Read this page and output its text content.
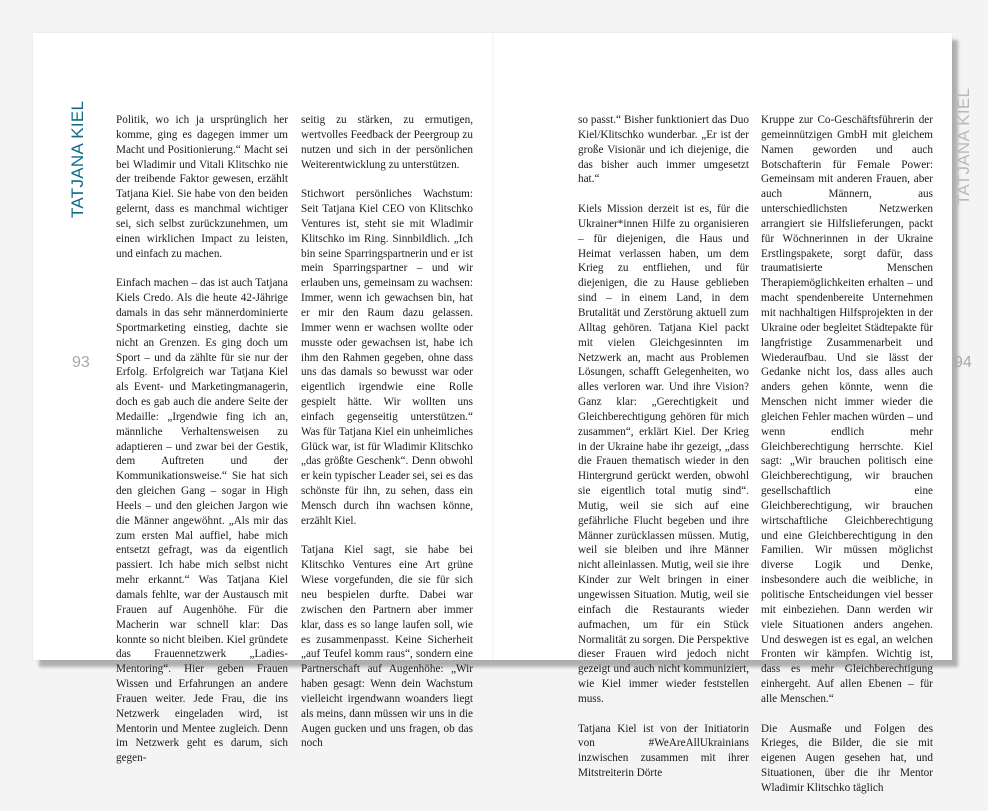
TATJANA KIEL
93

Politik, wo ich ja ursprünglich her komme, ging es dagegen immer um Macht und Positionierung.“ Macht sei bei Wladimir und Vitali Klitschko nie der treibende Faktor gewesen, erzählt Tatjana Kiel. Sie habe von den beiden gelernt, dass es manchmal wichtiger sei, sich selbst zurückzunehmen, um einen wirklichen Impact zu leisten, und einfach zu machen.

Einfach machen – das ist auch Tatjana Kiels Credo. Als die heute 42-Jährige damals in das sehr männerdominierte Sportmarketing einstieg, dachte sie nicht an Grenzen. Es ging doch um Sport – und da zählte für sie nur der Erfolg. Erfolgreich war Tatjana Kiel als Event- und Marketingmanagerin, doch es gab auch die andere Seite der Medaille: „Irgendwie fing ich an, männliche Verhaltensweisen zu adaptieren – und zwar bei der Gestik, dem Auftreten und der Kommunikationsweise.“ Sie hat sich den gleichen Gang – sogar in High Heels – und den gleichen Jargon wie die Männer angewöhnt. „Als mir das zum ersten Mal auffiel, habe mich entsetzt gefragt, was da eigentlich passiert. Ich habe mich selbst nicht mehr erkannt.“ Was Tatjana Kiel damals fehlte, war der Austausch mit Frauen auf Augenhöhe. Für die Macherin war schnell klar: Das konnte so nicht bleiben. Kiel gründete das Frauennetzwerk „Ladies-Mentoring“. Hier geben Frauen Wissen und Erfahrungen an andere Frauen weiter. Jede Frau, die ins Netzwerk eingeladen wird, ist Mentorin und Mentee zugleich. Denn im Netzwerk geht es darum, sich gegen-

seitig zu stärken, zu ermutigen, wertvolles Feedback der Peergroup zu nutzen und sich in der persönlichen Weiterentwicklung zu unterstützen.

Stichwort persönliches Wachstum: Seit Tatjana Kiel CEO von Klitschko Ventures ist, steht sie mit Wladimir Klitschko im Ring. Sinnbildlich. „Ich bin seine Sparringspartnerin und er ist mein Sparringspartner – und wir erlauben uns, gemeinsam zu wachsen: Immer, wenn ich gewachsen bin, hat er mir den Raum dazu gelassen. Immer wenn er wachsen wollte oder musste oder gewachsen ist, habe ich ihm den Rahmen gegeben, ohne dass uns das damals so bewusst war oder eigentlich irgendwie eine Rolle gespielt hätte. Wir wollten uns einfach gegenseitig unterstützen.“ Was für Tatjana Kiel ein unheimliches Glück war, ist für Wladimir Klitschko „das größte Geschenk“. Denn obwohl er kein typischer Leader sei, sei es das schönste für ihn, zu sehen, dass ein Mensch durch ihn wachsen könne, erzählt Kiel.

Tatjana Kiel sagt, sie habe bei Klitschko Ventures eine Art grüne Wiese vorgefunden, die sie für sich neu bespielen durfte. Dabei war zwischen den Partnern aber immer klar, dass es so lange laufen soll, wie es zusammenpasst. Keine Sicherheit „auf Teufel komm raus“, sondern eine Partnerschaft auf Augenhöhe: „Wir haben gesagt: Wenn dein Wachstum vielleicht irgendwann woanders liegt als meins, dann müssen wir uns in die Augen gucken und uns fragen, ob das noch

so passt.“ Bisher funktioniert das Duo Kiel/Klitschko wunderbar. „Er ist der große Visionär und ich diejenige, die das bisher auch immer umgesetzt hat.“

Kiels Mission derzeit ist es, für die Ukrainer*innen Hilfe zu organisieren – für diejenigen, die Haus und Heimat verlassen haben, um dem Krieg zu entfliehen, und für diejenigen, die zu Hause geblieben sind – in einem Land, in dem Brutalität und Zerstörung aktuell zum Alltag gehören. Tatjana Kiel packt mit vielen Gleichgesinnten im Netzwerk an, macht aus Problemen Lösungen, schafft Gelegenheiten, wo alles verloren war. Und ihre Vision? Ganz klar: „Gerechtigkeit und Gleichberechtigung gehören für mich zusammen“, erklärt Kiel. Der Krieg in der Ukraine habe ihr gezeigt, „dass die Frauen thematisch wieder in den Hintergrund gerückt werden, obwohl sie eigentlich total mutig sind“. Mutig, weil sie sich auf eine gefährliche Flucht begeben und ihre Männer zurücklassen müssen. Mutig, weil sie bleiben und ihre Männer nicht alleinlassen. Mutig, weil sie ihre Kinder zur Welt bringen in einer ungewissen Situation. Mutig, weil sie einfach die Restaurants wieder aufmachen, um für ein Stück Normalität zu sorgen. Die Perspektive dieser Frauen wird jedoch nicht gezeigt und auch nicht kommuniziert, wie Kiel immer wieder feststellen muss.

Tatjana Kiel ist von der Initiatorin von #WeAreAllUkrainians inzwischen zusammen mit ihrer Mitstreiterin Dörte

Kruppe zur Co-Geschäftsführerin der gemeinnützigen GmbH mit gleichem Namen geworden und auch Botschafterin für Female Power: Gemeinsam mit anderen Frauen, aber auch Männern, aus unterschiedlichsten Netzwerken arrangiert sie Hilfslieferungen, packt für Wöchnerinnen in der Ukraine Erstlingspakete, sorgt dafür, dass traumatisierte Menschen Therapiemöglichkeiten erhalten – und macht spendenbereite Unternehmen mit nachhaltigen Hilfsprojekten in der Ukraine oder begleitet Städtepakte für langfristige Zusammenarbeit und Wiederaufbau. Und sie lässt der Gedanke nicht los, dass alles auch anders gehen könnte, wenn die Menschen nicht immer wieder die gleichen Fehler machen würden – und wenn endlich mehr Gleichberechtigung herrschte. Kiel sagt: „Wir brauchen politisch eine Gleichberechtigung, wir brauchen gesellschaftlich eine Gleichberechtigung, wir brauchen wirtschaftliche Gleichberechtigung und eine Gleichberechtigung in den Familien. Wir müssen möglichst diverse Logik und Denke, insbesondere auch die weibliche, in politische Entscheidungen viel besser mit einbeziehen. Dann werden wir viele Situationen anders angehen. Und deswegen ist es egal, an welchen Fronten wir kämpfen. Wichtig ist, dass es mehr Gleichberechtigung einhergeht. Auf allen Ebenen – für alle Menschen.“

Die Ausmaße und Folgen des Krieges, die Bilder, die sie mit eigenen Augen gesehen hat, und Situationen, über die ihr Mentor Wladimir Klitschko täglich

TATJANA KIEL
94
